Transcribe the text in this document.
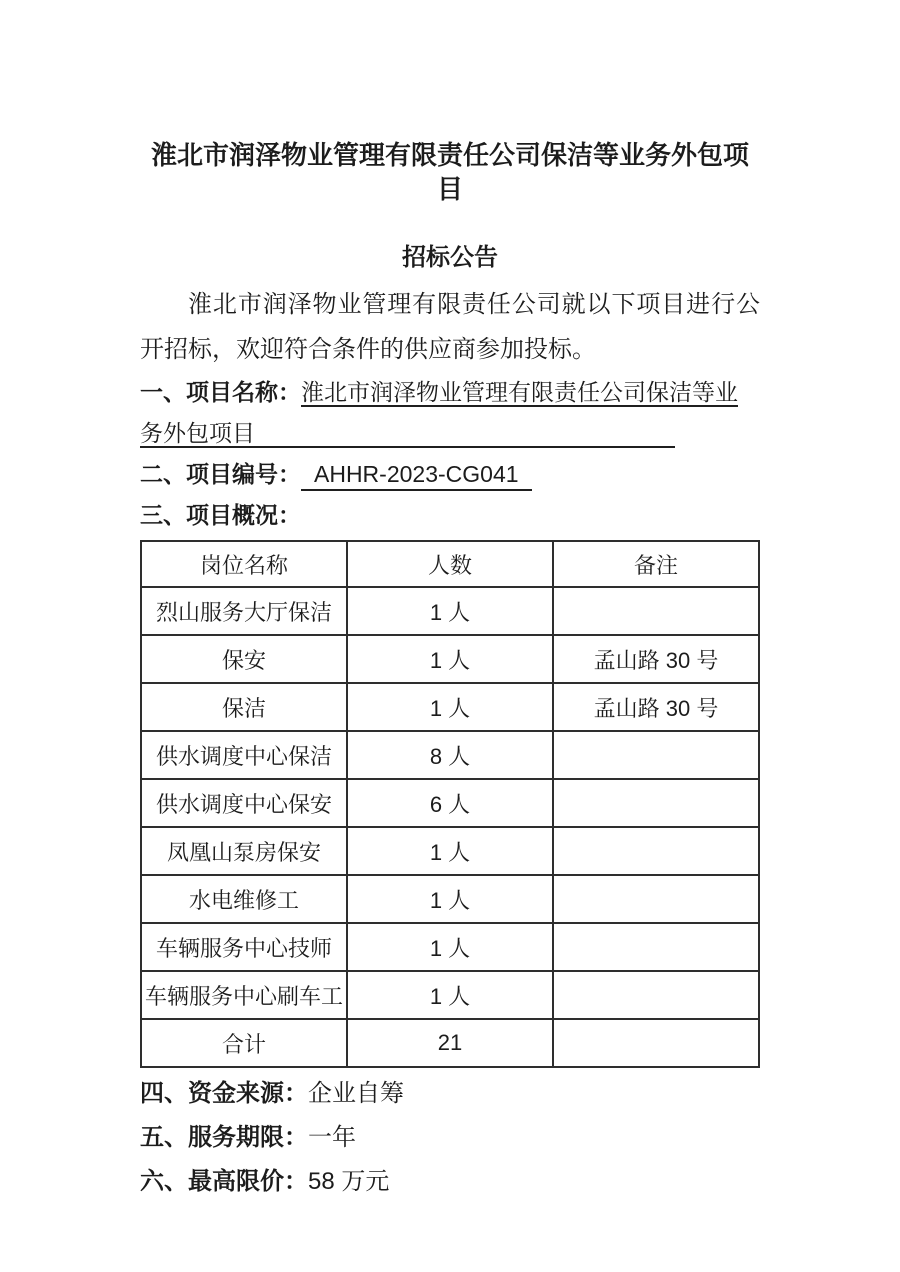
淮北市润泽物业管理有限责任公司保洁等业务外包项目
招标公告

淮北市润泽物业管理有限责任公司就以下项目进行公开招标，欢迎符合条件的供应商参加投标。

一、项目名称：淮北市润泽物业管理有限责任公司保洁等业务外包项目

二、项目编号： AHHR-2023-CG041

三、项目概况：

岗位名称	人数	备注
烈山服务大厅保洁	1 人	
保安	1 人	孟山路 30 号
保洁	1 人	孟山路 30 号
供水调度中心保洁	8 人	
供水调度中心保安	6 人	
凤凰山泵房保安	1 人	
水电维修工	1 人	
车辆服务中心技师	1 人	
车辆服务中心刷车工	1 人	
合计	21	

四、资金来源：企业自筹

五、服务期限：一年

六、最高限价：58 万元
